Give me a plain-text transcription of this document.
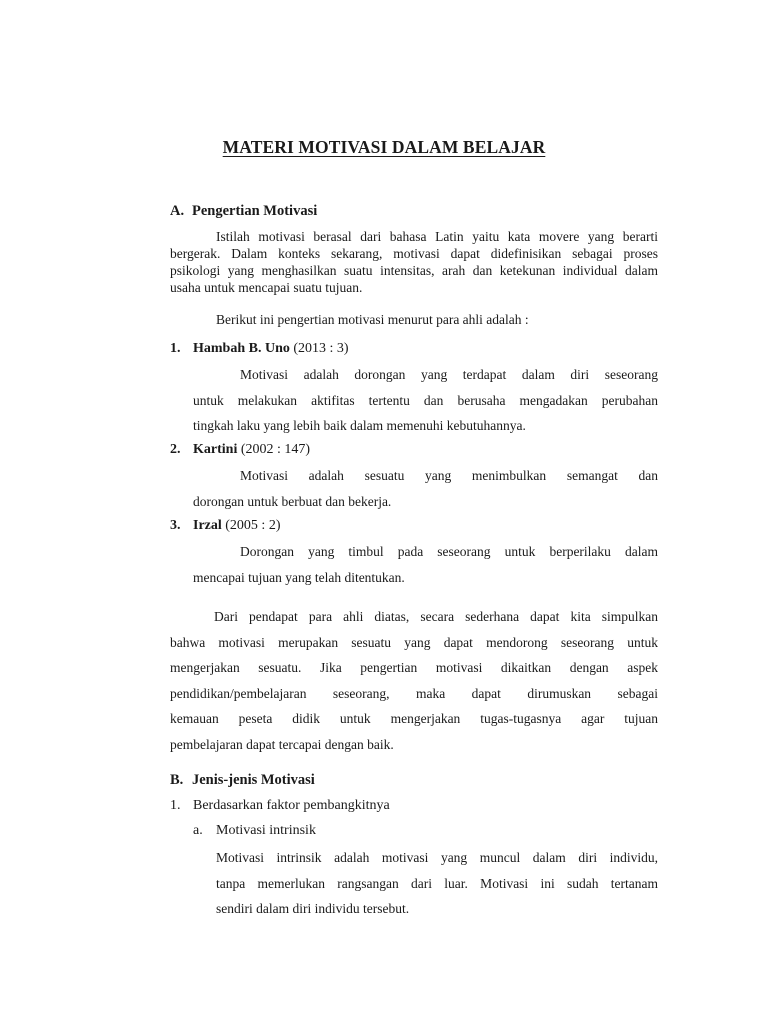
MATERI MOTIVASI DALAM BELAJAR
A. Pengertian Motivasi
Istilah motivasi berasal dari bahasa Latin yaitu kata movere yang berarti
bergerak. Dalam konteks sekarang, motivasi dapat didefinisikan sebagai proses
psikologi yang menghasilkan suatu intensitas, arah dan ketekunan individual dalam
usaha untuk mencapai suatu tujuan.
Berikut ini pengertian motivasi menurut para ahli adalah :
1. Hambah B. Uno (2013 : 3)
Motivasi adalah dorongan yang terdapat dalam diri seseorang
untuk melakukan aktifitas tertentu dan berusaha mengadakan perubahan
tingkah laku yang lebih baik dalam memenuhi kebutuhannya.
2. Kartini (2002 : 147)
Motivasi adalah sesuatu yang menimbulkan semangat dan
dorongan untuk berbuat dan bekerja.
3. Irzal (2005 : 2)
Dorongan yang timbul pada seseorang untuk berperilaku dalam
mencapai tujuan yang telah ditentukan.
Dari pendapat para ahli diatas, secara sederhana dapat kita simpulkan
bahwa motivasi merupakan sesuatu yang dapat mendorong seseorang untuk
mengerjakan sesuatu. Jika pengertian motivasi dikaitkan dengan aspek
pendidikan/pembelajaran seseorang, maka dapat dirumuskan sebagai
kemauan peseta didik untuk mengerjakan tugas-tugasnya agar tujuan
pembelajaran dapat tercapai dengan baik.
B. Jenis-jenis Motivasi
1. Berdasarkan faktor pembangkitnya
a. Motivasi intrinsik
Motivasi intrinsik adalah motivasi yang muncul dalam diri individu,
tanpa memerlukan rangsangan dari luar. Motivasi ini sudah tertanam
sendiri dalam diri individu tersebut.
